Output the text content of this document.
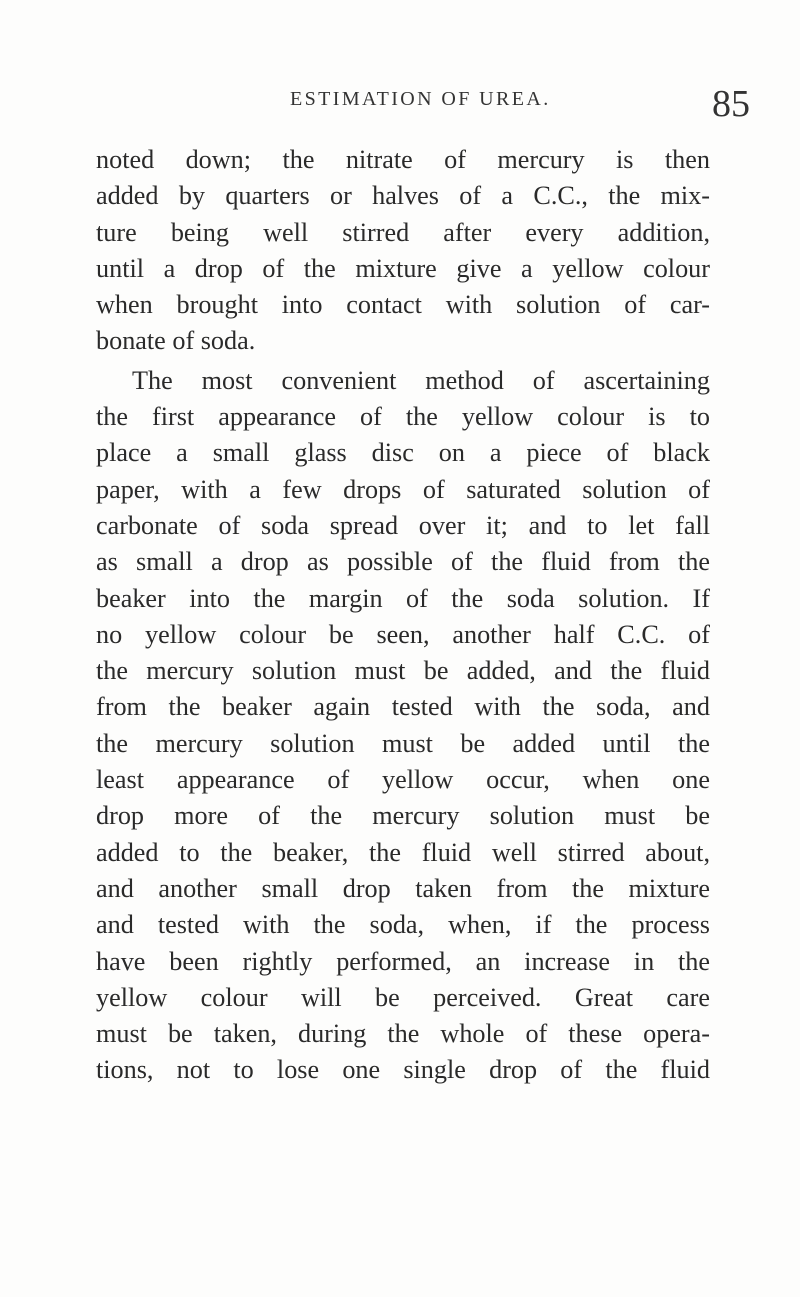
ESTIMATION OF UREA.	85
noted down; the nitrate of mercury is then
added by quarters or halves of a C.C., the mix-
ture being well stirred after every addition,
until a drop of the mixture give a yellow colour
when brought into contact with solution of car-
bonate of soda.
The most convenient method of ascertaining
the first appearance of the yellow colour is to
place a small glass disc on a piece of black
paper, with a few drops of saturated solution of
carbonate of soda spread over it; and to let fall
as small a drop as possible of the fluid from the
beaker into the margin of the soda solution. If
no yellow colour be seen, another half C.C. of
the mercury solution must be added, and the fluid
from the beaker again tested with the soda, and
the mercury solution must be added until the
least appearance of yellow occur, when one
drop more of the mercury solution must be
added to the beaker, the fluid well stirred about,
and another small drop taken from the mixture
and tested with the soda, when, if the process
have been rightly performed, an increase in the
yellow colour will be perceived. Great care
must be taken, during the whole of these opera-
tions, not to lose one single drop of the fluid
